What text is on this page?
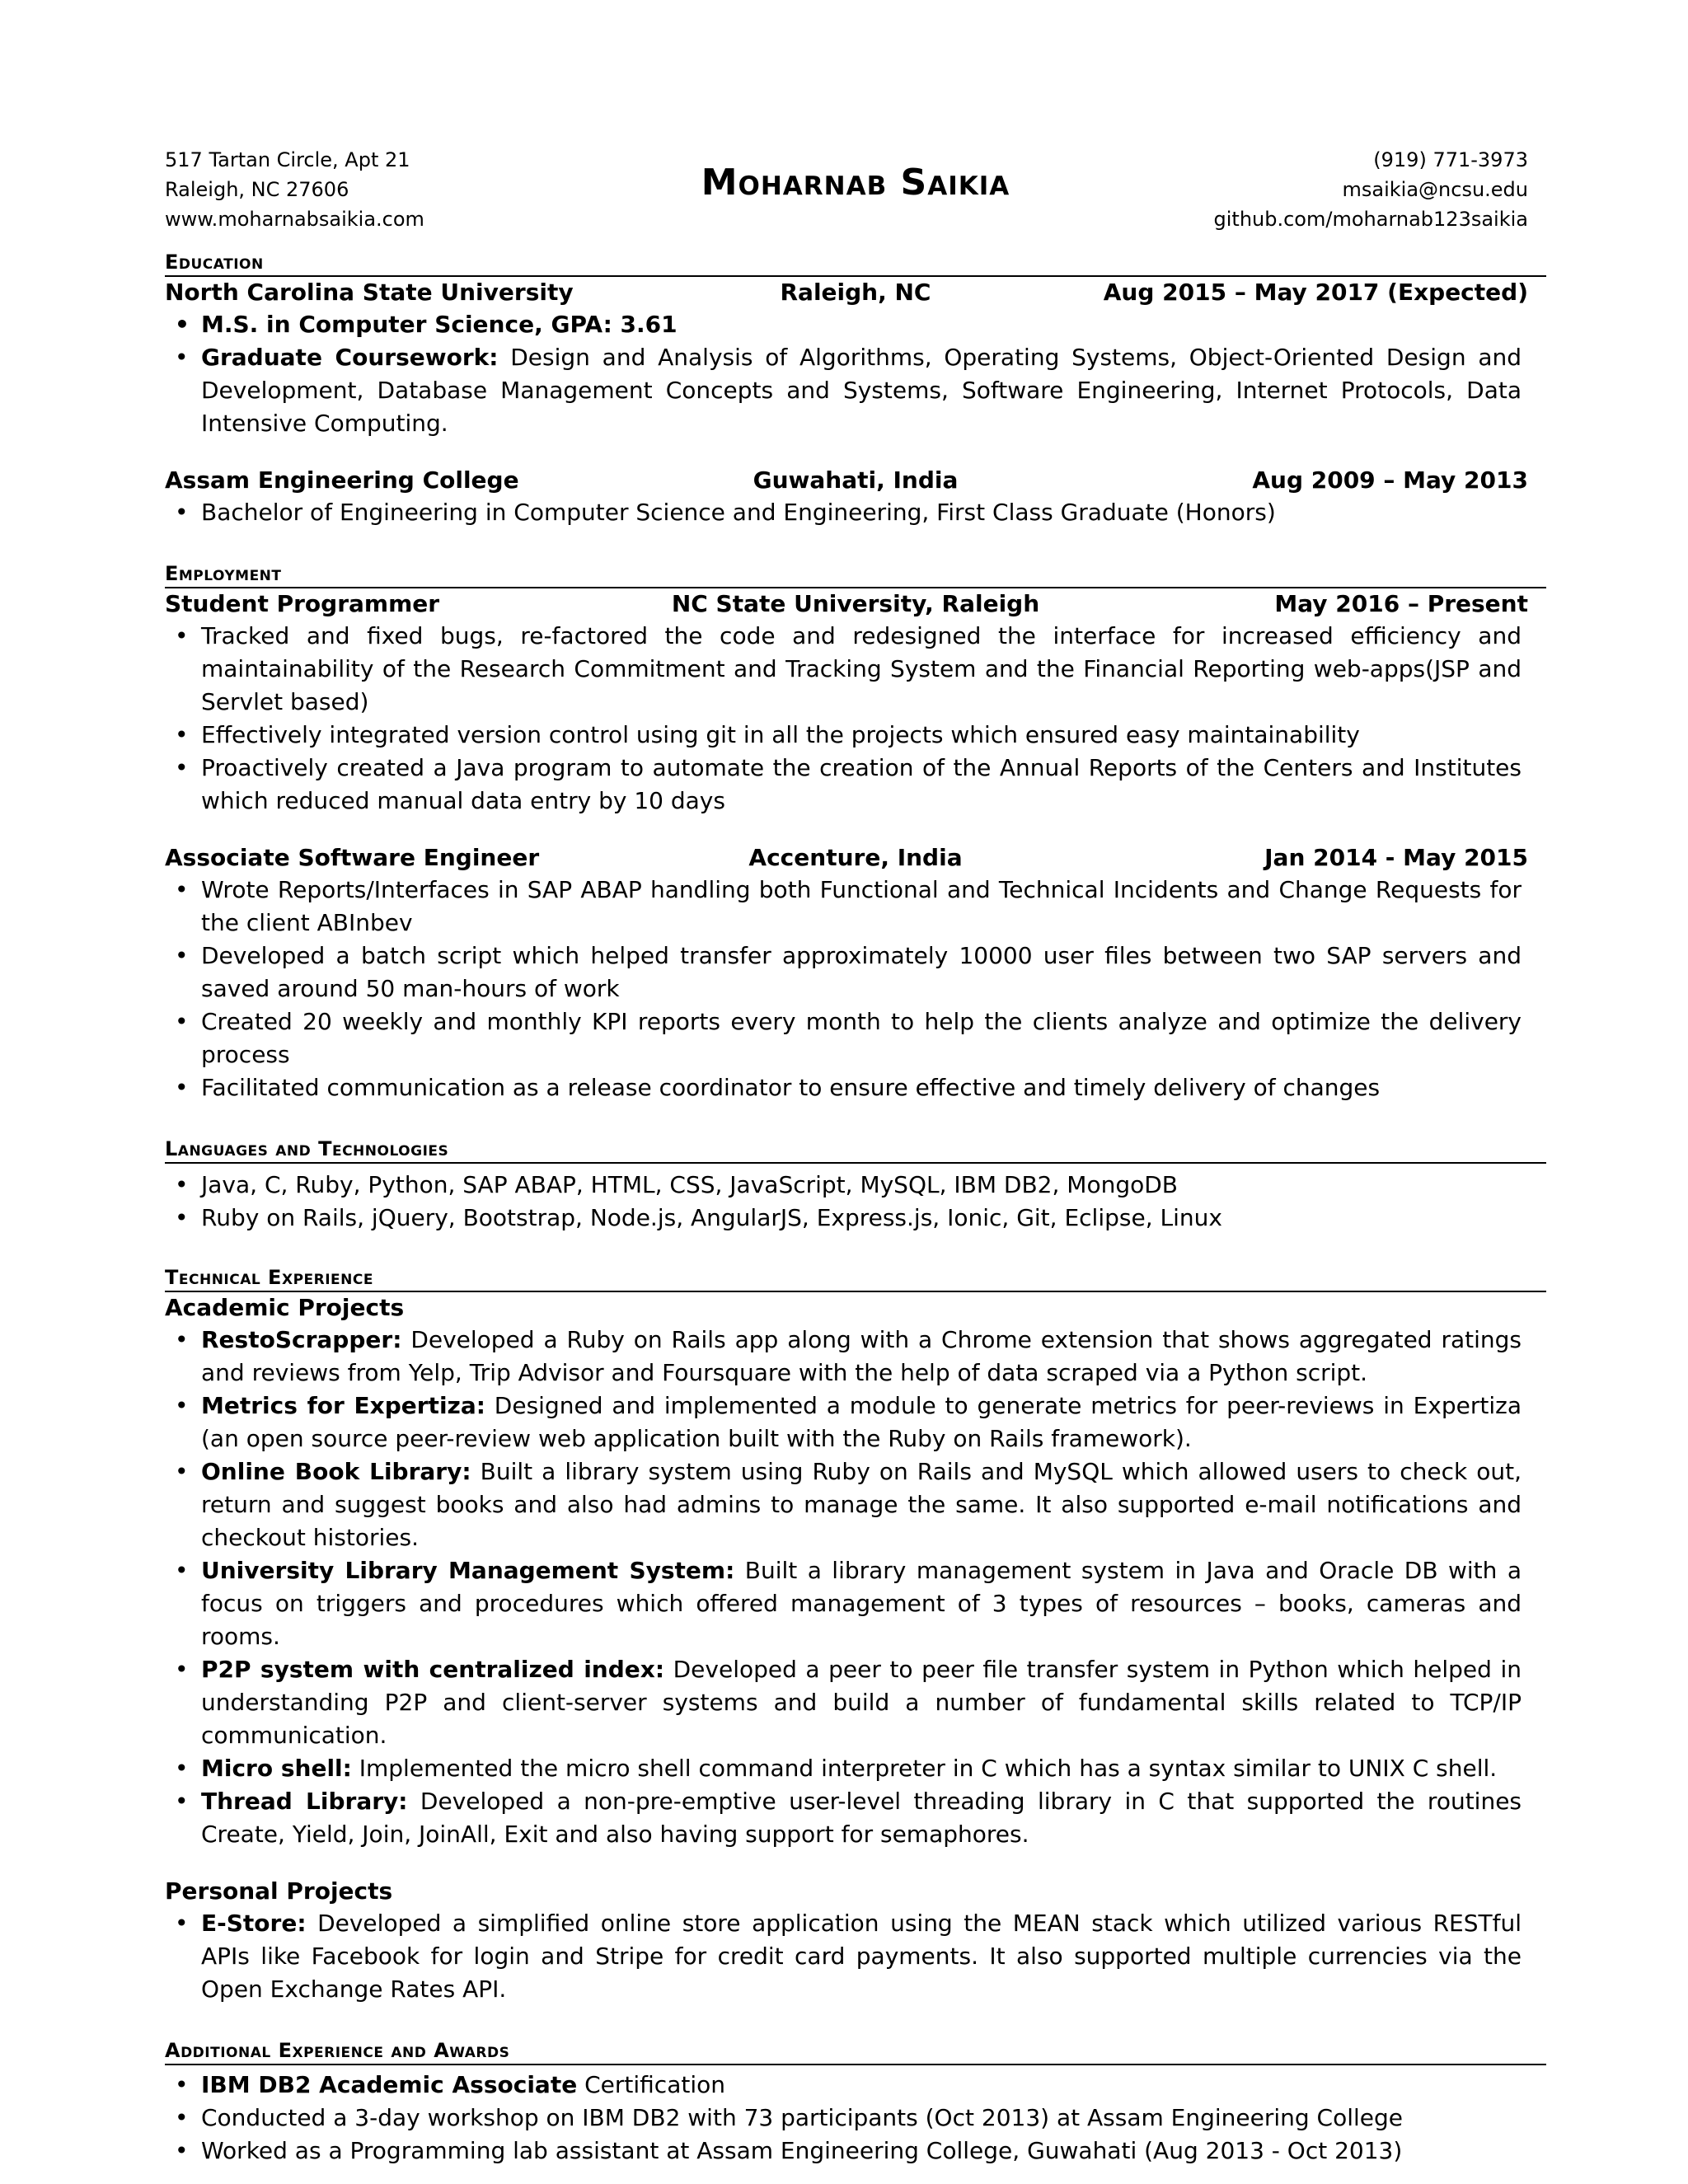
517 Tartan Circle, Apt 21
Raleigh, NC 27606
www.moharnabsaikia.com
Moharnab Saikia
(919) 771-3973
msaikia@ncsu.edu
github.com/moharnab123saikia
Education
North Carolina State University	Raleigh, NC	Aug 2015 – May 2017 (Expected)
• M.S. in Computer Science, GPA: 3.61
• Graduate Coursework: Design and Analysis of Algorithms, Operating Systems, Object-Oriented Design and Development, Database Management Concepts and Systems, Software Engineering, Internet Protocols, Data Intensive Computing.
Assam Engineering College	Guwahati, India	Aug 2009 – May 2013
• Bachelor of Engineering in Computer Science and Engineering, First Class Graduate (Honors)
Employment
Student Programmer	NC State University, Raleigh	May 2016 – Present
• Tracked and fixed bugs, re-factored the code and redesigned the interface for increased efficiency and maintainability of the Research Commitment and Tracking System and the Financial Reporting web-apps(JSP and Servlet based)
• Effectively integrated version control using git in all the projects which ensured easy maintainability
• Proactively created a Java program to automate the creation of the Annual Reports of the Centers and Institutes which reduced manual data entry by 10 days
Associate Software Engineer	Accenture, India	Jan 2014 - May 2015
• Wrote Reports/Interfaces in SAP ABAP handling both Functional and Technical Incidents and Change Requests for the client ABInbev
• Developed a batch script which helped transfer approximately 10000 user files between two SAP servers and saved around 50 man-hours of work
• Created 20 weekly and monthly KPI reports every month to help the clients analyze and optimize the delivery process
• Facilitated communication as a release coordinator to ensure effective and timely delivery of changes
Languages and Technologies
• Java, C, Ruby, Python, SAP ABAP, HTML, CSS, JavaScript, MySQL, IBM DB2, MongoDB
• Ruby on Rails, jQuery, Bootstrap, Node.js, AngularJS, Express.js, Ionic, Git, Eclipse, Linux
Technical Experience
Academic Projects
• RestoScrapper: Developed a Ruby on Rails app along with a Chrome extension that shows aggregated ratings and reviews from Yelp, Trip Advisor and Foursquare with the help of data scraped via a Python script.
• Metrics for Expertiza: Designed and implemented a module to generate metrics for peer-reviews in Expertiza (an open source peer-review web application built with the Ruby on Rails framework).
• Online Book Library: Built a library system using Ruby on Rails and MySQL which allowed users to check out, return and suggest books and also had admins to manage the same. It also supported e-mail notifications and checkout histories.
• University Library Management System: Built a library management system in Java and Oracle DB with a focus on triggers and procedures which offered management of 3 types of resources – books, cameras and rooms.
• P2P system with centralized index: Developed a peer to peer file transfer system in Python which helped in understanding P2P and client-server systems and build a number of fundamental skills related to TCP/IP communication.
• Micro shell: Implemented the micro shell command interpreter in C which has a syntax similar to UNIX C shell.
• Thread Library: Developed a non-pre-emptive user-level threading library in C that supported the routines Create, Yield, Join, JoinAll, Exit and also having support for semaphores.
Personal Projects
• E-Store: Developed a simplified online store application using the MEAN stack which utilized various RESTful APIs like Facebook for login and Stripe for credit card payments. It also supported multiple currencies via the Open Exchange Rates API.
Additional Experience and Awards
• IBM DB2 Academic Associate Certification
• Conducted a 3-day workshop on IBM DB2 with 73 participants (Oct 2013) at Assam Engineering College
• Worked as a Programming lab assistant at Assam Engineering College, Guwahati (Aug 2013 - Oct 2013)
